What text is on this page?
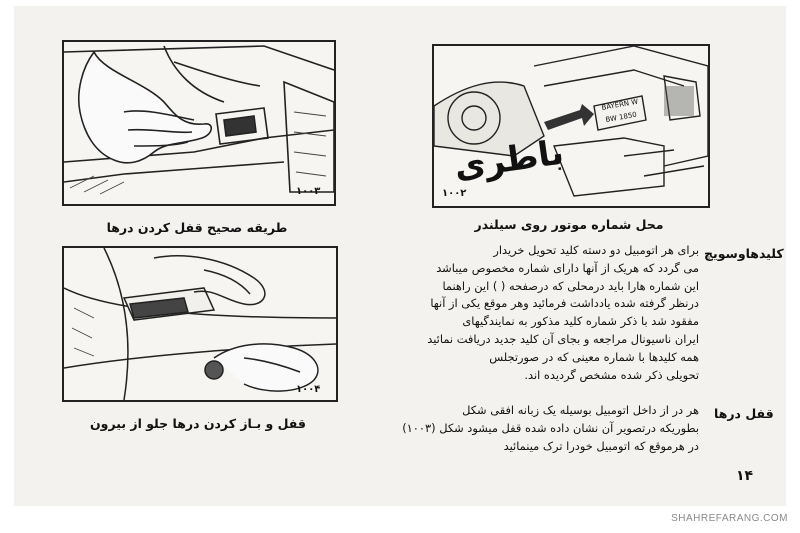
۱۰۰۳
طریقه صحیح قفل کردن درها
BAYERN W
BW 1850
باطری
۱۰۰۲
محل شماره موتور روی سیلندر
۱۰۰۴
قفل و بـاز کردن درها جلو از بیرون
کلیدهاوسویچ
برای هر اتومبیل دو دسته کلید تحویل خریدار
می گردد که هریک از آنها دارای شماره مخصوص میباشد
این شماره هارا باید درمحلی که درصفحه ( ) این راهنما
درنظر گرفته شده یادداشت فرمائید وهر موقع یکی از آنها
مفقود شد با ذکر شماره کلید مذکور به نمایندگیهای
ایران ناسیونال مراجعه و بجای آن کلید جدید دریافت نمائید
همه کلیدها با شماره معینی که در صورتجلس
تحویلی ذکر شده مشخص گردیده اند.
قفل درها
هر در از داخل اتومبیل بوسیله یک زبانه افقی شکل
بطوریکه درتصویر آن نشان داده شده قفل میشود شکل (۱۰۰۳)
در هرموقع که اتومبیل خودرا ترک مینمائید
۱۴
SHAHREFARANG.COM
